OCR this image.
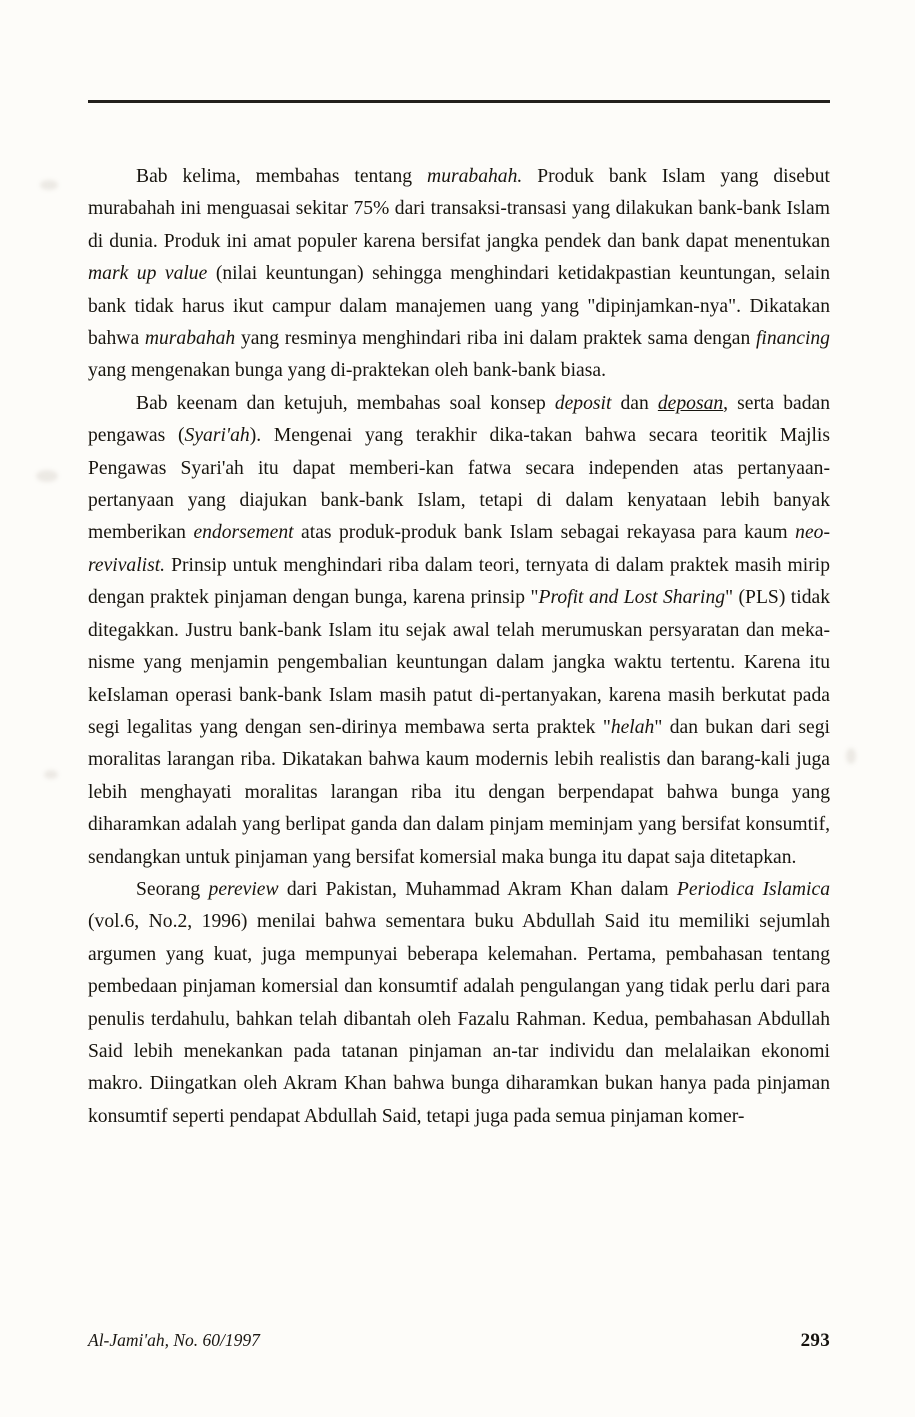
Bab kelima, membahas tentang murabahah. Produk bank Islam yang disebut murabahah ini menguasai sekitar 75% dari transaksi-transasi yang dilakukan bank-bank Islam di dunia. Produk ini amat populer karena bersifat jangka pendek dan bank dapat menentukan mark up value (nilai keuntungan) sehingga menghindari ketidakpastian keuntungan, selain bank tidak harus ikut campur dalam manajemen uang yang "dipinjamkan-nya". Dikatakan bahwa murabahah yang resminya menghindari riba ini dalam praktek sama dengan financing yang mengenakan bunga yang di-praktekan oleh bank-bank biasa.

Bab keenam dan ketujuh, membahas soal konsep deposit dan deposan, serta badan pengawas (Syari'ah). Mengenai yang terakhir dika-takan bahwa secara teoritik Majlis Pengawas Syari'ah itu dapat memberi-kan fatwa secara independen atas pertanyaan-pertanyaan yang diajukan bank-bank Islam, tetapi di dalam kenyataan lebih banyak memberikan endorsement atas produk-produk bank Islam sebagai rekayasa para kaum neo-revivalist. Prinsip untuk menghindari riba dalam teori, ternyata di dalam praktek masih mirip dengan praktek pinjaman dengan bunga, karena prinsip "Profit and Lost Sharing" (PLS) tidak ditegakkan. Justru bank-bank Islam itu sejak awal telah merumuskan persyaratan dan meka-nisme yang menjamin pengembalian keuntungan dalam jangka waktu tertentu. Karena itu keIslaman operasi bank-bank Islam masih patut di-pertanyakan, karena masih berkutat pada segi legalitas yang dengan sen-dirinya membawa serta praktek "helah" dan bukan dari segi moralitas larangan riba. Dikatakan bahwa kaum modernis lebih realistis dan barang-kali juga lebih menghayati moralitas larangan riba itu dengan berpendapat bahwa bunga yang diharamkan adalah yang berlipat ganda dan dalam pinjam meminjam yang bersifat konsumtif, sendangkan untuk pinjaman yang bersifat komersial maka bunga itu dapat saja ditetapkan.

Seorang pereview dari Pakistan, Muhammad Akram Khan dalam Periodica Islamica (vol.6, No.2, 1996) menilai bahwa sementara buku Abdullah Said itu memiliki sejumlah argumen yang kuat, juga mempunyai beberapa kelemahan. Pertama, pembahasan tentang pembedaan pinjaman komersial dan konsumtif adalah pengulangan yang tidak perlu dari para penulis terdahulu, bahkan telah dibantah oleh Fazalu Rahman. Kedua, pembahasan Abdullah Said lebih menekankan pada tatanan pinjaman an-tar individu dan melalaikan ekonomi makro. Diingatkan oleh Akram Khan bahwa bunga diharamkan bukan hanya pada pinjaman konsumtif seperti pendapat Abdullah Said, tetapi juga pada semua pinjaman komer-

Al-Jami'ah, No. 60/1997	293
